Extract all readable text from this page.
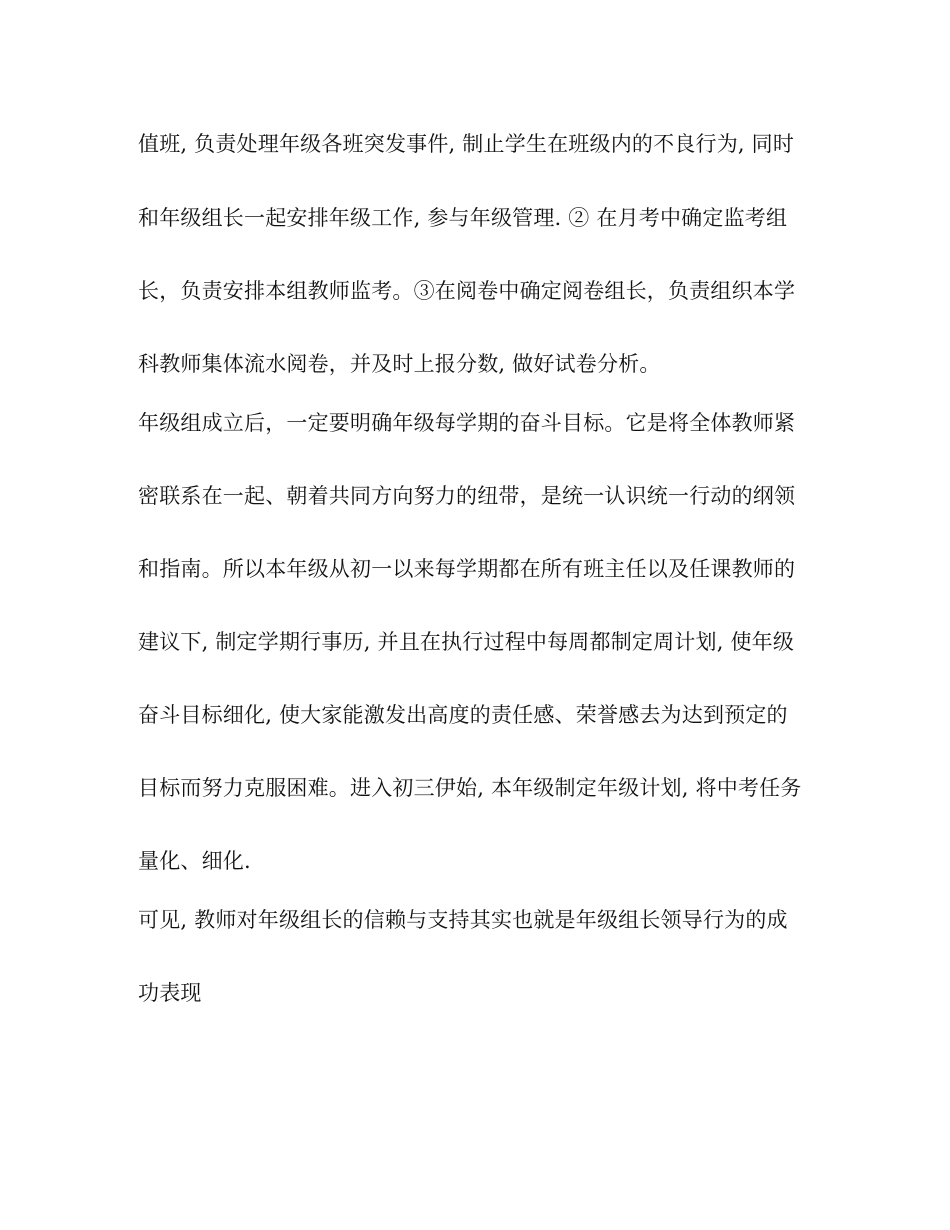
值班, 负责处理年级各班突发事件, 制止学生在班级内的不良行为, 同时
和年级组长一起安排年级工作, 参与年级管理. ② 在月考中确定监考组
长，负责安排本组教师监考。③在阅卷中确定阅卷组长，负责组织本学
科教师集体流水阅卷，并及时上报分数, 做好试卷分析。
年级组成立后，一定要明确年级每学期的奋斗目标。它是将全体教师紧
密联系在一起、朝着共同方向努力的纽带，是统一认识统一行动的纲领
和指南。所以本年级从初一以来每学期都在所有班主任以及任课教师的
建议下, 制定学期行事历, 并且在执行过程中每周都制定周计划, 使年级
奋斗目标细化, 使大家能激发出高度的责任感、荣誉感去为达到预定的
目标而努力克服困难。进入初三伊始, 本年级制定年级计划, 将中考任务
量化、细化.
可见, 教师对年级组长的信赖与支持其实也就是年级组长领导行为的成
功表现
